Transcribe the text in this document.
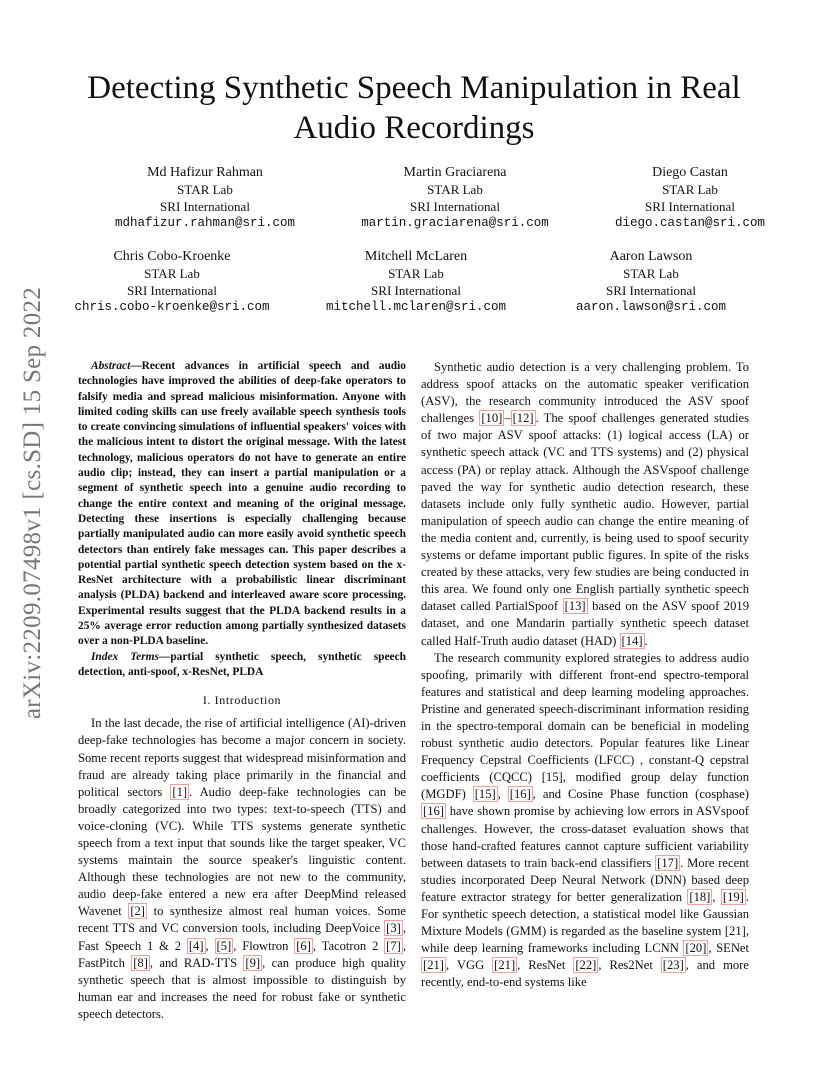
arXiv:2209.07498v1 [cs.SD] 15 Sep 2022
Detecting Synthetic Speech Manipulation in Real
Audio Recordings
Md Hafizur Rahman
STAR Lab
SRI International
mdhafizur.rahman@sri.com
Martin Graciarena
STAR Lab
SRI International
martin.graciarena@sri.com
Diego Castan
STAR Lab
SRI International
diego.castan@sri.com
Chris Cobo-Kroenke
STAR Lab
SRI International
chris.cobo-kroenke@sri.com
Mitchell McLaren
STAR Lab
SRI International
mitchell.mclaren@sri.com
Aaron Lawson
STAR Lab
SRI International
aaron.lawson@sri.com

Abstract—Recent advances in artificial speech and audio technologies have improved the abilities of deep-fake operators to falsify media and spread malicious misinformation. Anyone with limited coding skills can use freely available speech synthesis tools to create convincing simulations of influential speakers' voices with the malicious intent to distort the original message. With the latest technology, malicious operators do not have to generate an entire audio clip; instead, they can insert a partial manipulation or a segment of synthetic speech into a genuine audio recording to change the entire context and meaning of the original message. Detecting these insertions is especially challenging because partially manipulated audio can more easily avoid synthetic speech detectors than entirely fake messages can. This paper describes a potential partial synthetic speech detection system based on the x-ResNet architecture with a probabilistic linear discriminant analysis (PLDA) backend and interleaved aware score processing. Experimental results suggest that the PLDA backend results in a 25% average error reduction among partially synthesized datasets over a non-PLDA baseline.

Index Terms—partial synthetic speech, synthetic speech detection, anti-spoof, x-ResNet, PLDA

I. Introduction

In the last decade, the rise of artificial intelligence (AI)-driven deep-fake technologies has become a major concern in society. Some recent reports suggest that widespread misinformation and fraud are already taking place primarily in the financial and political sectors [1] . Audio deep-fake technologies can be broadly categorized into two types: text-to-speech (TTS) and voice-cloning (VC). While TTS systems generate synthetic speech from a text input that sounds like the target speaker, VC systems maintain the source speaker's linguistic content. Although these technologies are not new to the community, audio deep-fake entered a new era after DeepMind released Wavenet [2] to synthesize almost real human voices. Some recent TTS and VC conversion tools, including DeepVoice [3] , Fast Speech 1 & 2 [4] , [5] , Flowtron [6] , Tacotron 2 [7] , FastPitch [8] , and RAD-TTS [9] , can produce high quality synthetic speech that is almost impossible to distinguish by human ear and increases the need for robust fake or synthetic speech detectors.

Synthetic audio detection is a very challenging problem. To address spoof attacks on the automatic speaker verification (ASV), the research community introduced the ASV spoof challenges [10] – [12] . The spoof challenges generated studies of two major ASV spoof attacks: (1) logical access (LA) or synthetic speech attack (VC and TTS systems) and (2) physical access (PA) or replay attack. Although the ASVspoof challenge paved the way for synthetic audio detection research, these datasets include only fully synthetic audio. However, partial manipulation of speech audio can change the entire meaning of the media content and, currently, is being used to spoof security systems or defame important public figures. In spite of the risks created by these attacks, very few studies are being conducted in this area. We found only one English partially synthetic speech dataset called PartialSpoof [13] based on the ASV spoof 2019 dataset, and one Mandarin partially synthetic speech dataset called Half-Truth audio dataset (HAD) [14] .

The research community explored strategies to address audio spoofing, primarily with different front-end spectro-temporal features and statistical and deep learning modeling approaches. Pristine and generated speech-discriminant information residing in the spectro-temporal domain can be beneficial in modeling robust synthetic audio detectors. Popular features like Linear Frequency Cepstral Coefficients (LFCC) , constant-Q cepstral coefficients (CQCC) [15], modified group delay function (MGDF) [15] , [16] , and Cosine Phase function (cosphase) [16] have shown promise by achieving low errors in ASVspoof challenges. However, the cross-dataset evaluation shows that those hand-crafted features cannot capture sufficient variability between datasets to train back-end classifiers [17] . More recent studies incorporated Deep Neural Network (DNN) based deep feature extractor strategy for better generalization [18] , [19] . For synthetic speech detection, a statistical model like Gaussian Mixture Models (GMM) is regarded as the baseline system [21], while deep learning frameworks including LCNN [20] , SENet [21] , VGG [21] , ResNet [22] , Res2Net [23] , and more recently, end-to-end systems like
